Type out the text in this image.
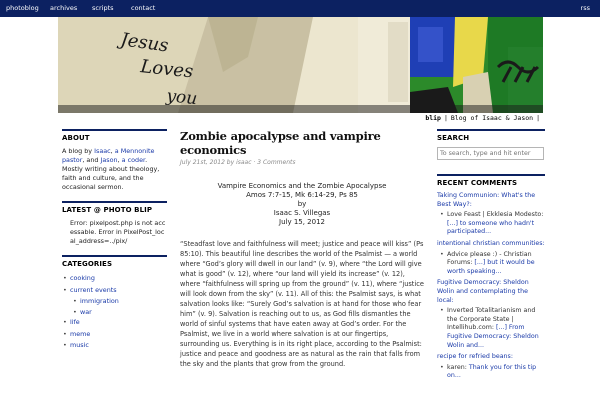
photoblog archives scripts	contact	rss
Jesus
Loves
you
blip | Blog of Isaac & Jason |
ABOUT

A blog by Isaac, a Mennonite pastor, and Jason, a coder. Mostly writing about theology, faith and culture, and the occasional sermon.

LATEST @ PHOTO BLIP

Error: pixelpost.php is not accessable. Error in PixelPost_local_address=../pix/

CATEGORIES
• cooking
• current events
• immigration
• war
• life
• meme
• music
Zombie apocalypse and vampire economics
July 21st, 2012 by isaac · 3 Comments
Vampire Economics and the Zombie Apocalypse
Amos 7:7-15, Mk 6:14-29, Ps 85
by
Isaac S. Villegas
July 15, 2012

“Steadfast love and faithfulness will meet; justice and peace will kiss” (Ps 85:10). This beautiful line describes the world of the Psalmist — a world where “God’s glory will dwell in our land” (v. 9), where “the Lord will give what is good” (v. 12), where “our land will yield its increase” (v. 12), where “faithfulness will spring up from the ground” (v. 11), where “justice will look down from the sky” (v. 11). All of this: the Psalmist says, is what salvation looks like: “Surely God’s salvation is at hand for those who fear him” (v. 9). Salvation is reaching out to us, as God fills dismantles the world of sinful systems that have eaten away at God’s order. For the Psalmist, we live in a world where salvation is at our fingertips, surrounding us. Everything is in its right place, according to the Psalmist: justice and peace and goodness are as natural as the rain that falls from the sky and the plants that grow from the ground.

SEARCH
To search, type and hit enter
RECENT COMMENTS
Taking Communion: What's the Best Way?:
• Love Feast | Ekklesia Modesto: [...] to someone who hadn't participated...
intentional christian communities:
• Advice please :) - Christian Forums: [...] but it would be worth speaking...
Fugitive Democracy: Sheldon Wolin and contemplating the local:
• Inverted Totalitarianism and the Corporate State | Intellihub.com: [...] From Fugitive Democracy: Sheldon Wolin and...
recipe for refried beans:
• karen: Thank you for this tip on...
